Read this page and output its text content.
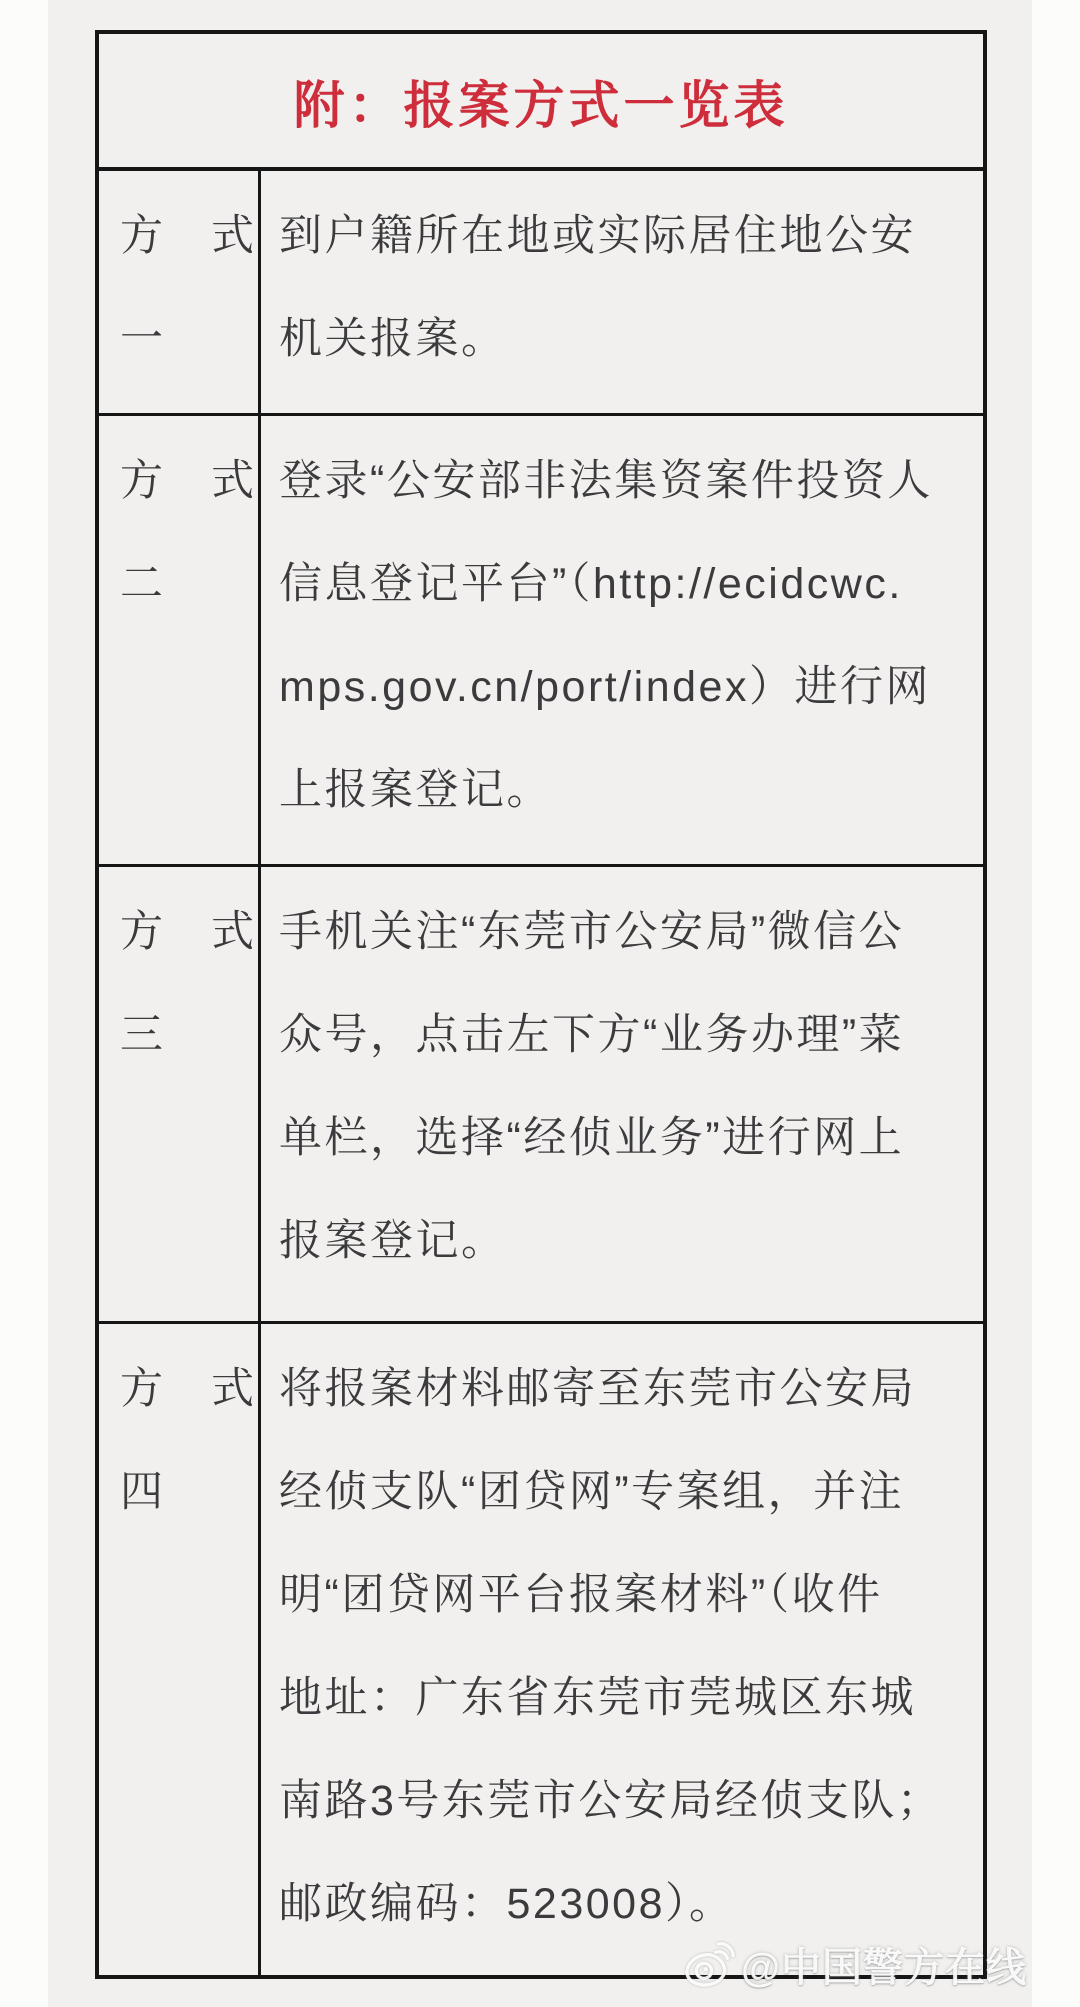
附：报案方式一览表
方　式
一
到户籍所在地或实际居住地公安
机关报案。
方　式
二
登录“公安部非法集资案件投资人
信息登记平台”（http://ecidcwc.
mps.gov.cn/port/index）进行网
上报案登记。
方　式
三
手机关注“东莞市公安局”微信公
众号，点击左下方“业务办理”菜
单栏，选择“经侦业务”进行网上
报案登记。
方　式
四
将报案材料邮寄至东莞市公安局
经侦支队“团贷网”专案组，并注
明“团贷网平台报案材料”（收件
地址：广东省东莞市莞城区东城
南路3号东莞市公安局经侦支队；
邮政编码：523008）。
@中国警方在线
